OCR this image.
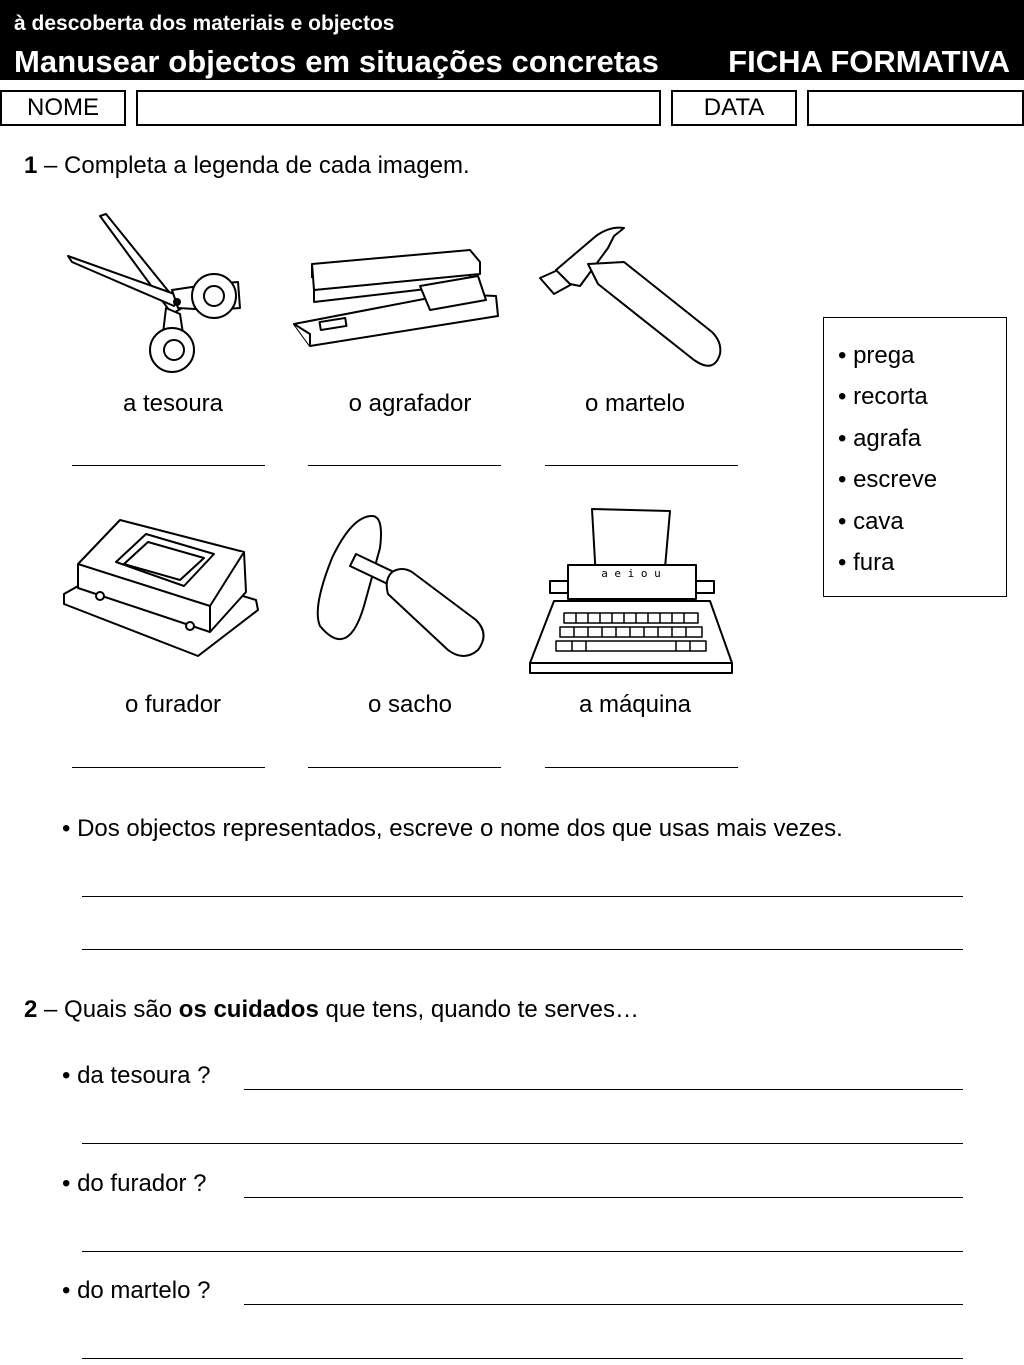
à descoberta dos materiais e objectos
Manusear objectos em situações concretas FICHA FORMATIVA
NOME	DATA
1 – Completa a legenda de cada imagem.
a e i o u
a tesoura	o agrafador	o martelo
o furador	o sacho	a máquina
• prega
• recorta
• agrafa
• escreve
• cava
• fura
• Dos objectos representados, escreve o nome dos que usas mais vezes.
2 – Quais são os cuidados que tens, quando te serves…
• da tesoura ?
• do furador ?
• do martelo ?
